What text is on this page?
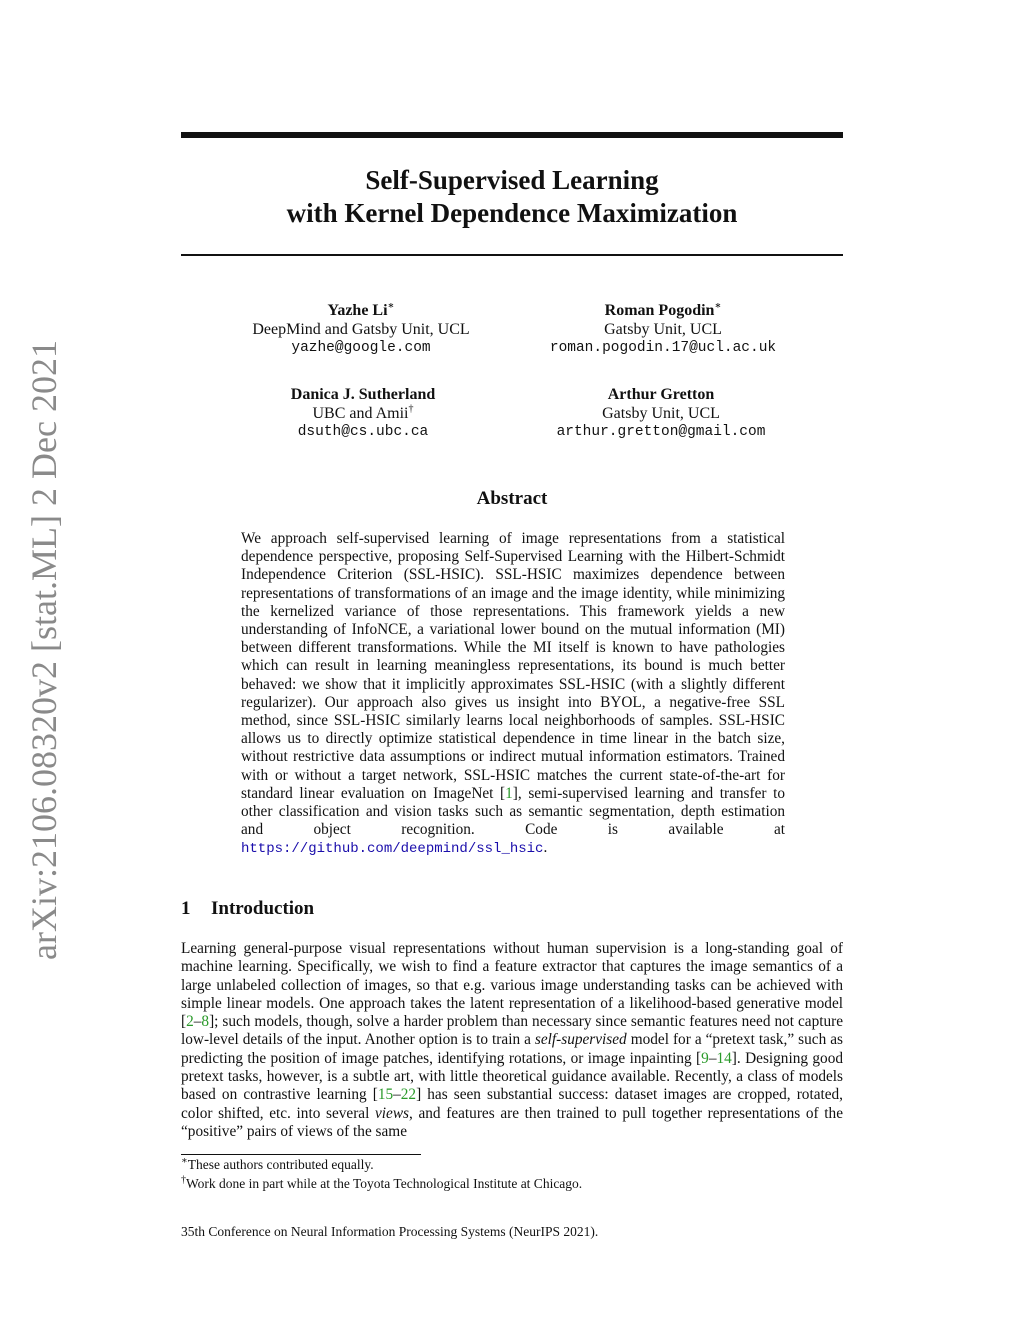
arXiv:2106.08320v2 [stat.ML] 2 Dec 2021
Self-Supervised Learning
with Kernel Dependence Maximization
Yazhe Li∗
DeepMind and Gatsby Unit, UCL
yazhe@google.com
Roman Pogodin∗
Gatsby Unit, UCL
roman.pogodin.17@ucl.ac.uk
Danica J. Sutherland
UBC and Amii†
dsuth@cs.ubc.ca
Arthur Gretton
Gatsby Unit, UCL
arthur.gretton@gmail.com
Abstract
We approach self-supervised learning of image representations from a statistical dependence perspective, proposing Self-Supervised Learning with the Hilbert-Schmidt Independence Criterion (SSL-HSIC). SSL-HSIC maximizes dependence between representations of transformations of an image and the image identity, while minimizing the kernelized variance of those representations. This framework yields a new understanding of InfoNCE, a variational lower bound on the mutual information (MI) between different transformations. While the MI itself is known to have pathologies which can result in learning meaningless representations, its bound is much better behaved: we show that it implicitly approximates SSL-HSIC (with a slightly different regularizer). Our approach also gives us insight into BYOL, a negative-free SSL method, since SSL-HSIC similarly learns local neighborhoods of samples. SSL-HSIC allows us to directly optimize statistical dependence in time linear in the batch size, without restrictive data assumptions or indirect mutual information estimators. Trained with or without a target network, SSL-HSIC matches the current state-of-the-art for standard linear evaluation on ImageNet [1], semi-supervised learning and transfer to other classification and vision tasks such as semantic segmentation, depth estimation and object recognition. Code is available at https://github.com/deepmind/ssl_hsic.
1 Introduction
Learning general-purpose visual representations without human supervision is a long-standing goal of machine learning. Specifically, we wish to find a feature extractor that captures the image semantics of a large unlabeled collection of images, so that e.g. various image understanding tasks can be achieved with simple linear models. One approach takes the latent representation of a likelihood-based generative model [2–8]; such models, though, solve a harder problem than necessary since semantic features need not capture low-level details of the input. Another option is to train a self-supervised model for a “pretext task,” such as predicting the position of image patches, identifying rotations, or image inpainting [9–14]. Designing good pretext tasks, however, is a subtle art, with little theoretical guidance available. Recently, a class of models based on contrastive learning [15–22] has seen substantial success: dataset images are cropped, rotated, color shifted, etc. into several views, and features are then trained to pull together representations of the “positive” pairs of views of the same
∗These authors contributed equally.
†Work done in part while at the Toyota Technological Institute at Chicago.
35th Conference on Neural Information Processing Systems (NeurIPS 2021).
